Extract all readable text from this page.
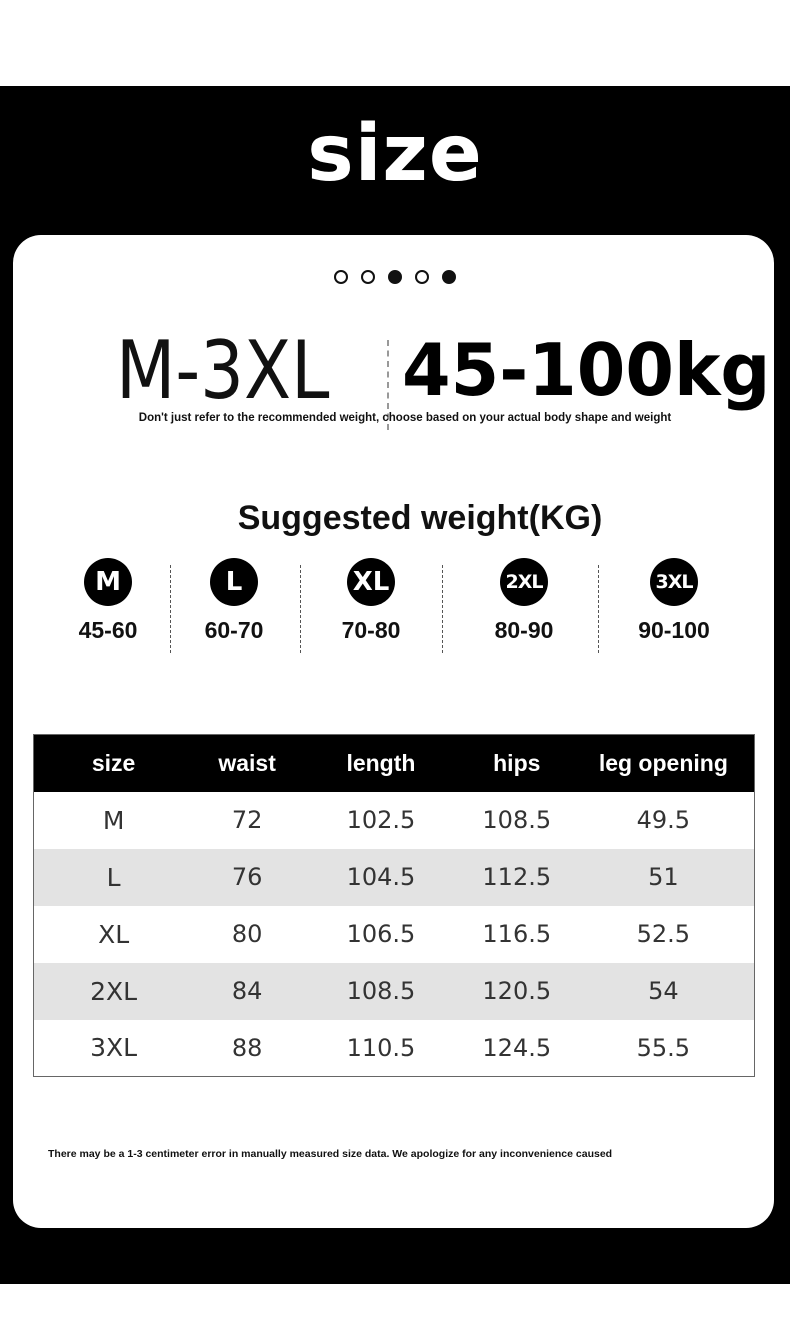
size
M-3XL 45-100kg
Don't just refer to the recommended weight, choose based on your actual body shape and weight
Suggested weight(KG)
M
45-60
L
60-70
XL
70-80
2XL
80-90
3XL
90-100
size	waist	length	hips	leg opening
M	72	102.5	108.5	49.5
L	76	104.5	112.5	51
XL	80	106.5	116.5	52.5
2XL	84	108.5	120.5	54
3XL	88	110.5	124.5	55.5
There may be a 1-3 centimeter error in manually measured size data. We apologize for any inconvenience caused
